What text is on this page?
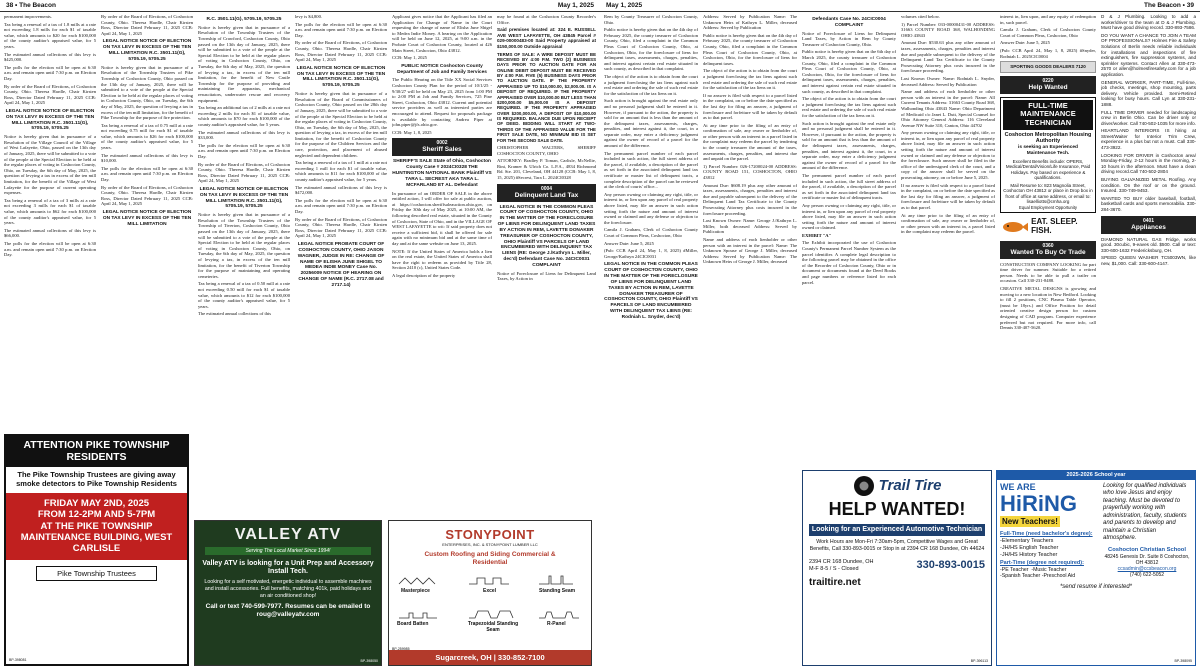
38 • The Beacon	May 1, 2025

permanent improvements.

Tax being a renewal of a tax of 1.8 mills at a rate not exceeding 1.8 mills for each $1 of taxable value, which amounts to $20 for each $100,000 of the county auditor's appraised value, for 5 years.

The estimated annual collections of this levy is $425,000.

The polls for the election will be open at 6:30 a.m. and remain open until 7:30 p.m. on Election Day.

By order of the Board of Elections, of Coshocton County, Ohio. Theresa Hardle, Chair Kirsten Ross, Director Dated February 11, 2025 CCB: April 24, May 1, 2025

LEGAL NOTICE NOTICE OF ELECTION ON TAX LEVY IN EXCESS OF THE TEN MILL LIMITATION R.C. 3501.11(G), 5705.19, 5705.25

Notice is hereby given that in pursuance of a Resolution of the Village Council of the Village of West Lafayette, Ohio, passed on the 13th day of January, 2025, there will be submitted to a vote of the people at the Special Election to be held at the regular places of voting in Coshocton County, Ohio, on Tuesday, the 6th day of May, 2025, the question of levying a tax in excess of the ten mill limitation, for the benefit of the Village of West Lafayette for the purpose of current operating expenses.

Tax being a renewal of a tax of 3 mills at a rate not exceeding 3 mills for each $1 of taxable value, which amounts to $62 for each $100,000 of the county auditor's appraised value, for 5 years.

The estimated annual collections of this levy is $66,000.

The polls for the election will be open at 6:30 a.m. and remain open until 7:30 p.m. on Election Day.

By order of the Board of Elections, of Coshocton County, Ohio. Theresa Hardle, Chair Kirsten Ross, Director Dated February 11, 2025 CCB: April 24, May 1, 2025

LEGAL NOTICE NOTICE OF ELECTION ON TAX LEVY IN EXCESS OF THE TEN MILL LIMITATION R.C. 3501.11(G), 5705.19, 5705.25

Notice is hereby given that in pursuance of a Resolution of the Township Trustees of Pike Township of Coshocton County, Ohio passed on the 13th day of January, 2025, there will be submitted to a vote of the people at the Special Election to be held at the regular places of voting in Coshocton County, Ohio, on Tuesday, the 6th day of May, 2025, the question of levying a tax in excess of the ten mill limitation, for the benefit of Pike Township for the purpose of fire protection.

Tax being a renewal of a tax of 0.75 mill at a rate not exceeding 0.75 mill for each $1 of taxable value, which amounts to $26 for each $100,000 of the county auditor's appraised value, for 5 years.

The estimated annual collections of this levy is $10,000.

The polls for the election will be open at 6:30 a.m. and remain open until 7:30 p.m. on Election Day.

By order of the Board of Elections, of Coshocton County, Ohio. Theresa Hardle, Chair Kirsten Ross, Director Dated February 11, 2025 CCB: April 24, May 1, 2025

LEGAL NOTICE NOTICE OF ELECTION ON TAX LEVY IN EXCESS OF THE TEN MILL LIMITATION
R.C. 3501.11(G), 5705.19, 5705.25

Notice is hereby given that in pursuance of a Resolution of the Township Trustees of the Township of Crawford, Coshocton County, Ohio passed on the 13th day of January, 2025, there will be submitted to a vote of the people at the Special Election to be held at the regular places of voting in Coshocton County, Ohio, on Tuesday, the 6th day of May, 2025, the question of levying a tax, in excess of the ten mill limitation, for the benefit of New Castle Township for the purpose of providing and maintaining fire apparatus, mechanical resuscitators, underwater rescue and recovery equipment.

Tax being an additional tax of 2 mills at a rate not exceeding 2 mills for each $1 of taxable value, which amounts to $70 for each $100,000 of the county auditor's appraised value, for 5 years.

The estimated annual collections of this levy is $33,000.

The polls for the election will be open at 6:30 a.m. and remain open until 7:30 p.m. on Election Day.

By order of the Board of Elections, of Coshocton County, Ohio. Theresa Hardle, Chair Kirsten Ross, Director Dated February 11, 2025 CCB: April 24, May 1, 2025

LEGAL NOTICE NOTICE OF ELECTION ON TAX LEVY IN EXCESS OF THE TEN MILL LIMITATION R.C. 3501.11(G), 5705.19, 5705.25

Notice is hereby given that in pursuance of a Resolution of the Township Trustees of the Township of Tiverton, Coshocton County, Ohio passed on the 13th day of January, 2025, there will be submitted to a vote of the people at the Special Election to be held at the regular places of voting in Coshocton County, Ohio, on Tuesday, the 6th day of May, 2025, the question of levying a tax, in excess of the ten mill limitation, for the benefit of Tiverton Township for the purpose of maintaining and operating cemeteries.

Tax being a renewal of a tax of 0.50 mill at a rate not exceeding 0.50 mill for each $1 of taxable value, which amounts to $12 for each $100,000 of the county auditor's appraised value, for 5 years.

The estimated annual collections of this

levy is $4,800.

The polls for the election will be open at 6:30 a.m. and remain open until 7:30 p.m. on Election Day.

By order of the Board of Elections, of Coshocton County, Ohio. Theresa Hardle, Chair Kirsten Ross, Director Dated February 11, 2025 CCB: April 24, May 1, 2025

LEGAL NOTICE NOTICE OF ELECTION ON TAX LEVY IN EXCESS OF THE TEN MILL LIMITATION R.C. 3501.11(G), 5705.19, 5705.25

Notice is hereby given that in pursuance of a Resolution of the Board of Commissioners of Coshocton County, Ohio passed on the 28th day of January, 2025, there will be submitted to a vote of the people at the Special Election to be held at the regular places of voting in Coshocton County, Ohio, on Tuesday, the 6th day of May, 2025, the question of levying a tax, in excess of the ten mill limitation, for the benefit of Coshocton County for the purpose of the Children Services and the care, protection, and placement of abused neglected and dependent children.

Tax being a renewal of a tax of 1 mill at a rate not exceeding 1 mill for each $1 of taxable value, which amounts to $11 for each $100,000 of the county auditor's appraised value, for 5 years.

The estimated annual collections of this levy is $472,000.

The polls for the election will be open at 6:30 a.m. and remain open until 7:30 p.m. on Election Day.

By order of the Board of Elections, of Coshocton County, Ohio. Theresa Hardle, Chair Kirsten Ross, Director Dated February 11, 2025 CCB: April 24, May 1, 2025

LEGAL NOTICE PROBATE COURT OF COSHOCTON COUNTY, OHIO JASON WAGNER, JUDGE IN RE: CHANGE OF NAME OF ELISHA JUNE SHIGEL TO MEDEA INDIE MONEY Case No. 20256009 NOTICE OF HEARING ON CHANGE OF NAME (R.C. 2717.08 and 2717.14)

Applicant gives notice that the Applicant has filed an Application for Change of Name in the Court requesting the change of name of Elisha June Shigel to Medea Indie Money. A hearing on the Application will be held on June 12, 2025, at 9:00 a.m. in the Probate Court of Coshocton County, located at 426 Main Street, Coshocton, Ohio 43812.

CCB: May 1, 2025

PUBLIC NOTICE Coshocton County Department of Job and Family Services

The Public Hearing on the Title XX Social Services Coshocton County Plan for the period of 10/1/25 - 9/30/27 will be held on May 23, 2025 from 1:00 PM to 2:00 PM at Job and Family Services, 725 Pine Street, Coshocton, Ohio 43812. Current and potential service providers as well as interested parties are encouraged to attend. Request for proposals package is available by contacting Andrea Piper at john.piper@jfs.ohio.gov.

CCB: May 1, 8, 2025

0002
Sheriff Sales
SHERIFF'S SALE State of Ohio, Coshocton County Case # 2024CI0328 THE HUNTINGTON NATIONAL BANK Plaintiff VS TARA L. SECREST AKA TARA L. MCFARLAND ET AL. Defendant

In pursuance of an ORDER OF SALE in the above entitled action, I will offer for sale at public auction, at https://coshocton.sheriffsaleauction.ohio.gov, on Friday the 30th day of May 2025, at 10:00 AM, the following described real estate, situated in the County of Coshocton, State of Ohio, and in the VILLAGE OF WEST LAFAYETTE to wit: If said property does not receive a sufficient bid, it shall be offered for sale again with no minimum bid and at the same time of day and at the same website on June 13, 2025.

NOTE: If the United States of America holds a lien on the real estate, the United States of America shall have the right to redeem as provided by Title 28, Section 2410 (c), United States Code.

A legal description of the property

may be found at the Coshocton County Recorder's Office.

Said premises located at: 324 E. RUSSELL AVE WEST LAFAYETTE, OH 43845 Parcel # 029-00000483-00 Said Property appraised at $150,000.00 Outside appraisal

TERMS OF SALE: A WIRE DEPOSIT MUST BE RECEIVED BY 4:00 P.M. TWO (2) BUSINESS DAYS PRIOR TO AUCTION DATE FOR AN ONLINE DEBIT DEPOSIT MUST BE RECEIVED BY 4:00 P.M. FIVE (5) BUSINESS DAYS PRIOR TO AUCTION DATE. IF THE PROPERTY APPRAISED UP TO $10,000.00, $2,000.00. IS A DEPOSIT OF REQUIRED. IF THE PROPERTY APPRAISED OVER $10,000.00 BUT LESS THAN $200,000.00 $5,000.00 IS A DEPOSIT REQUIRED. IF THE PROPERTY APPRAISED OVER $200,000.00, A DEPOSIT OF $10,000.00 IS REQUIRED. BALANCE DUE UPON RECEIPT OF DEED. BIDDING WILL START AT TWO-THIRDS OF THE APPRAISED VALUE FOR THE FIRST SALE DATE, NO MINIMUM BID IS SET FOR THE SECOND SALE DATE.

CHRISTOPHER WALTERS, SHERIFF COSHOCTON COUNTY, OHIO

ATTORNEY: Bradley P. Toman, Carlisle, McNellie, Rini, Kramer & Ulrich Co. L.P.A., 4834 Richmond Rd. Ste. 201, Cleveland, OH 44128 (CCB: May 1, 8, 15, 2025) #Secrest, Tara L. 2024CI0328

0004
Delinquent Land Tax
LEGAL NOTICE IN THE COMMON PLEAS COURT OF COSHOCTON COUNTY, OHIO IN THE MATTER OF THE FORECLOSURE OF LIENS FOR DELINQUENT LAND TAXES BY ACTION IN REM, LAVETTE DONAKER TREASURER OF COSHOCTON COUNTY, OHIO Plaintiff VS PARCELS OF LAND ENCUMBERED WITH DELINQUENT TAX LIENS (RE: George J./Kathryn L. Miller, dec'd) Defendant Case No. 24CIC0031 COMPLAINT

Notice of Foreclosure of Liens for Delinquent Land Taxes, by Action in

ATTENTION PIKE TOWNSHIP RESIDENTS
The Pike Township Trustees are giving away smoke detectors to Pike Township Residents
FRIDAY MAY 2ND, 2025
FROM 12-2PM AND 5-7PM
AT THE PIKE TOWNSHIP MAINTENANCE BUILDING, WEST CARLISLE
Pike Township Trustees
BP-398081
VALLEY ATV
Serving The Local Market Since 1994!
Valley ATV is looking for a Unit Prep and Accessory Install Tech.
Looking for a self motivated, energetic individual to assemble machines and install accessories. Full benefits, matching 401k, paid holidays and an air conditioned shop!
Call or text 740-599-7977. Resumes can be emailed to roug@valleyatv.com
BP-398050
STONYPOINT
ENTERPRISES, INC. & STONYPOINT LUMBER LLC
Custom Roofing and Siding Commercial & Residential
Masterpiece	Excel	Standing Seam
Board Batten	Trapezoidal Standing Seam
R-Panel
Sugarcreek, OH | 330-852-7100
BP-259985
May 1, 2025	The Beacon • 39

Rem by County Treasurer of Coshocton County, Ohio.

Public notice is hereby given that on the 4th day of February 2025, the county treasurer of Coshocton County, Ohio, filed a complaint in the Common Pleas Court of Coshocton County, Ohio, at Coshocton, Ohio, for the foreclosure of liens for delinquent taxes, assessments, charges, penalties, and interest against certain real estate situated in such county, as described in that complaint.

The object of the action is to obtain from the court a judgment foreclosing the tax liens against such real estate and ordering the sale of such real estate for the satisfaction of the tax liens on it.

Such action is brought against the real estate only and no personal judgment shall be entered in it. However, if pursuant to the action, the property is sold for an amount that is less than the amount of the delinquent taxes, assessments, charges, penalties, and interest against it, the court, in a separate order, may enter a deficiency judgment against the owner of record of a parcel for the amount of the difference.

The permanent parcel number of each parcel included in such action, the full street address of the parcel, if available, a description of the parcel as set forth in the associated delinquent land tax certificate or master list of delinquent tracts, a complete description of the parcel can be reviewed at the clerk of courts' office...

Any person owning or claiming any right, title, or interest in, or lien upon any parcel of real property above listed, may file an answer in such action setting forth the nature and amount of interest owned or claimed and any defense or objection to the foreclosure.

Camila J. Graham, Clerk of Coshocton County Court of Common Pleas, Coshocton, Ohio

Answer Date: June 5, 2025

(Pub: CCB April 24, May 1, 8, 2025) #Miller, George/Kathryn 24CIC0031

LEGAL NOTICE IN THE COMMON PLEAS COURT OF COSHOCTON COUNTY, OHIO IN THE MATTER OF THE FORECLOSURE OF LIENS FOR DELINQUENT LAND TAXES BY ACTION IN REM, LAVETTE DONAKER TREASURER OF COSHOCTON COUNTY, OHIO Plaintiff VS PARCELS OF LAND ENCUMBERED WITH DELINQUENT TAX LIENS (RE: Rodniah L. Snyder, dec'd)

Address: Served by Publication Name: The Unknown Heirs of Kathryn L. Miller, deceased Address: Served by Publication

Public notice is hereby given that on the 4th day of February 2025, the county treasurer of Coshocton County, Ohio, filed a complaint in the Common Pleas Court of Coshocton County, Ohio, at Coshocton, Ohio, for the foreclosure of liens for delinquent taxes.

The object of the action is to obtain from the court a judgment foreclosing the tax liens against such real estate and ordering the sale of such real estate for the satisfaction of the tax liens on it.

If no answer is filed with respect to a parcel listed in the complaint, on or before the date specified as the last day for filing an answer, a judgment of foreclosure and forfeiture will be taken by default as to that parcel.

At any time prior to the filing of an entry of confirmation of sale, any owner or lienholder of, or other person with an interest in a parcel listed in the complaint may redeem the parcel by tendering to the county treasurer the amount of the taxes, assessments, charges, penalties, and interest due and unpaid on the parcel.

1) Parcel Number: 026-17200024-00 ADDRESS: COUNTY ROAD 151, COSHOCTON, OHIO 43812

Amount Due: $608.19 plus any other amount of taxes, assessments, charges, penalties and interest due and payable subsequent to the delivery of the Delinquent Land Tax Certificate to the County Prosecuting Attorney plus costs incurred in the foreclosure proceeding.

Last Known Owner: Name: George J./Kathryn L. Miller, both deceased Address: Served by Publication

Name and address of each lienholder or other person with an interest in the parcel: Name: The Unknown Spouse of George J. Miller, deceased Address: Served by Publication Name: The Unknown Heirs of George J. Miller, deceased

Defendants Case No. 24CIC0004 COMPLAINT

Notice of Foreclosure of Liens for Delinquent Land Taxes, by Action in Rem by County Treasurer of Coshocton County, Ohio.

Public notice is hereby given that on the 6th day of March 2025, the county treasurer of Coshocton County, Ohio, filed a complaint in the Common Pleas Court of Coshocton County, Ohio, at Coshocton, Ohio, for the foreclosure of liens for delinquent taxes, assessments, charges, penalties, and interest against certain real estate situated in such county, as described in that complaint.

The object of the action is to obtain from the court a judgment foreclosing the tax liens against such real estate and ordering the sale of such real estate for the satisfaction of the tax liens on it.

Such action is brought against the real estate only and no personal judgment shall be entered in it. However, if pursuant to the action, the property is sold for an amount that is less than the amount of the delinquent taxes, assessments, charges, penalties, and interest against it, the court, in a separate order, may enter a deficiency judgment against the owner of record of a parcel for the amount of the difference.

The permanent parcel number of each parcel included in such action, the full street address of the parcel, if available, a description of the parcel as set forth in the associated delinquent land tax certificate or master list of delinquent tracts.

Any person owning or claiming any right, title, or interest in, or lien upon any parcel of real property above listed, may file an answer in such action setting forth the nature and amount of interest owned or claimed.

EXHIBIT "A"

The Exhibit incorporated the use of Coshocton County's Permanent Parcel Number System as the parcel identifier. A complete legal description to the following parcel may be obtained in the office of the Recorder of Coshocton County, Ohio or in document or documents found at the Deed Books and page numbers or reference listed for each parcel.

volumes cited below.

1) Parcel Number: 033-00000431-00 ADDRESS: 31663 COUNTY ROAD 368, WALHONDING OHIO 43843

Amount Due: $530.63 plus any other amount of taxes, assessments, charges, penalties and interest due and payable subsequent to the delivery of the Delinquent Land Tax Certificate to the County Prosecuting Attorney plus costs incurred in the foreclosure proceeding.

Last Known Owner: Name: Rodniah L. Snyder, deceased Address: Served by Publication

Name and address of each lienholder or other person with an interest in the parcel: Name: All Current Tenants Address: 31663 County Road 368, Walhonding Ohio 43843 Name: Ohio Department of Medicaid c/o Janet L. Dutt, Special Counsel for Ohio Attorney General Address: 116 Cleveland Avenue NW Suite 310, Canton, Ohio 44702

Any person owning or claiming any right, title, or interest in, or lien upon any parcel of real property above listed, may file an answer in such action setting forth the nature and amount of interest owned or claimed and any defense or objection to the foreclosure. Such answer shall be filed in the office of the undersigned clerk of the court, and a copy of the answer shall be served on the prosecuting attorney, on or before June 5, 2025.

If no answer is filed with respect to a parcel listed in the complaint, on or before the date specified as the last day for filing an answer, a judgment of foreclosure and forfeiture will be taken by default as to that parcel.

At any time prior to the filing of an entry of confirmation of sale, any owner or lienholder of, or other person with an interest in, a parcel listed in the complaint may redeem the parcel.

interest in, lien upon, and any equity of redemption in, such parcel.

Camila J. Graham, Clerk of Coshocton County Court of Common Pleas, Coshocton, Ohio

Answer Date: June 5, 2025

(Pub: CCB April 24, May 1, 8, 2025) #Snyder, Rodniah L. 2025CIC0004

SPORTING GOODS DEALERS 7120
0220
Help Wanted
FULL-TIME MAINTENANCE TECHNICIAN
Coshocton Metropolitan Housing Authority
is seeking an Experienced Maintenance Tech.
Excellent Benefits include: OPERS, Medical/Dental/Vision/Life Insurance, Paid Holidays. Pay based on experience & qualifications.
Mail Resume to: 823 Magnolia Street, Coshocton OH 43812 or place in Drop box in front of office at same address, or email to: lisaelliotts@cmha.org
Equal Employment Opportunity
EAT. SLEEP. FISH.
0360
Wanted To Buy Or Trade

CONSTRUCTION COMPANY LOOKING for part time driver for summer. Suitable for a retired person. Needs to be able to pull a trailer on occasion. Call 330-231-8488.

CREATIVE METAL DESIGNS is growing and moving to a new location in New Bedford. Looking to fill 2 positions, CNC Plasma Table Operator, (must be 18yrs.) and Office Position for detail oriented creative design person for custom designing of CAD program. Computer experience preferred but not required. For more info, call Dennis 330-407-5620.

D & J Plumbing. Looking to add a worker/driver to the team at D & J Plumbing. Must have good driving record. 330-893-7586.

DO YOU WANT A CHANCE TO JOIN A TEAM OF PROFESSIONALS? Holmes Fire & Safety Solutions of Berlin needs reliable individuals for installations and inspections of fire extinguishers, fire suppression systems, and sprinkler systems. Contact Allen at 330-473-2570 or allen@holmesfiresafety.com for a job application.

GENERAL WORKER, PART-TIME, Full-time, job checks, meetings, shop mounting, parts delivery. Vehicle provided. Semi-Retired looking for busy hours. Call Lyn at 330-231-1888.

FULL TIME DRIVER needed for landscaping crew in Berlin Ohio. Can be driver only or driver/worker. Call 740-502-1035 for more info.

HEARTLAND INTERIORS IS hiring at Street/Waiter for Interior Trim Crew, experience is a plus but not a must. Call 330-473-3922.

LOOKING FOR DRIVER in Coshocton area/ Monday-Friday, 2-12 hours in the morning, 2-10 hours in the afternoon. Must have a clean driving record.Call 740-502-2804

BUYING GALVANIZED METAL Roofing. Any condition. On the roof or on the ground. Insured. 330-749-9453.

WANTED TO BUY older baseball, football, basketball cards and sports memorabilia. 330-284-3670.

0401
Appliances

DIAMOND NATURAL GAS Fridge, works good. 30cubic, 9-eaves old. $500. Call or text: 330-600-1632 Fredericksburg, OH.

SPEED QUEEN WASHER TC5003WN, like new, $1,000. Call: 330-600-4147.

Trail Tire
HELP WANTED!
Looking for an Experienced Automotive Technician
Work Hours are Mon-Fri 7:30am-5pm, Competitive Wages and Great Benefits, Call 330-893-0015 or Stop in at 2394 CR 168 Dundee, Oh 44624
2394 CR 168 Dundee, OH M-F 8-5 / S - Closed	330-893-0015
traiItire.net
BP-396113
2025-2026 School year
WE ARE
HiRiNG
New Teachers!
Full-Time (need bachelor's degree):
-Elementary Teachers
-JH/HS English Teacher
-JH/HS History Teacher
Part-Time (degree not required):
-PE Teacher -Music Teacher
-Spanish Teacher -Preschool Aid
Looking for qualified individuals who love Jesus and enjoy teaching. Must be devoted to prayerfully working with administration, faculty, students and parents to develop and maintain a Christian atmosphere.
Coshocton Christian School
48245 Genesis Dr. Suite 8 Coshocton, OH 43812
ccsadmin@ccsbeacon.org
(740) 622-5052
*send resume if interested*
BP-398095
